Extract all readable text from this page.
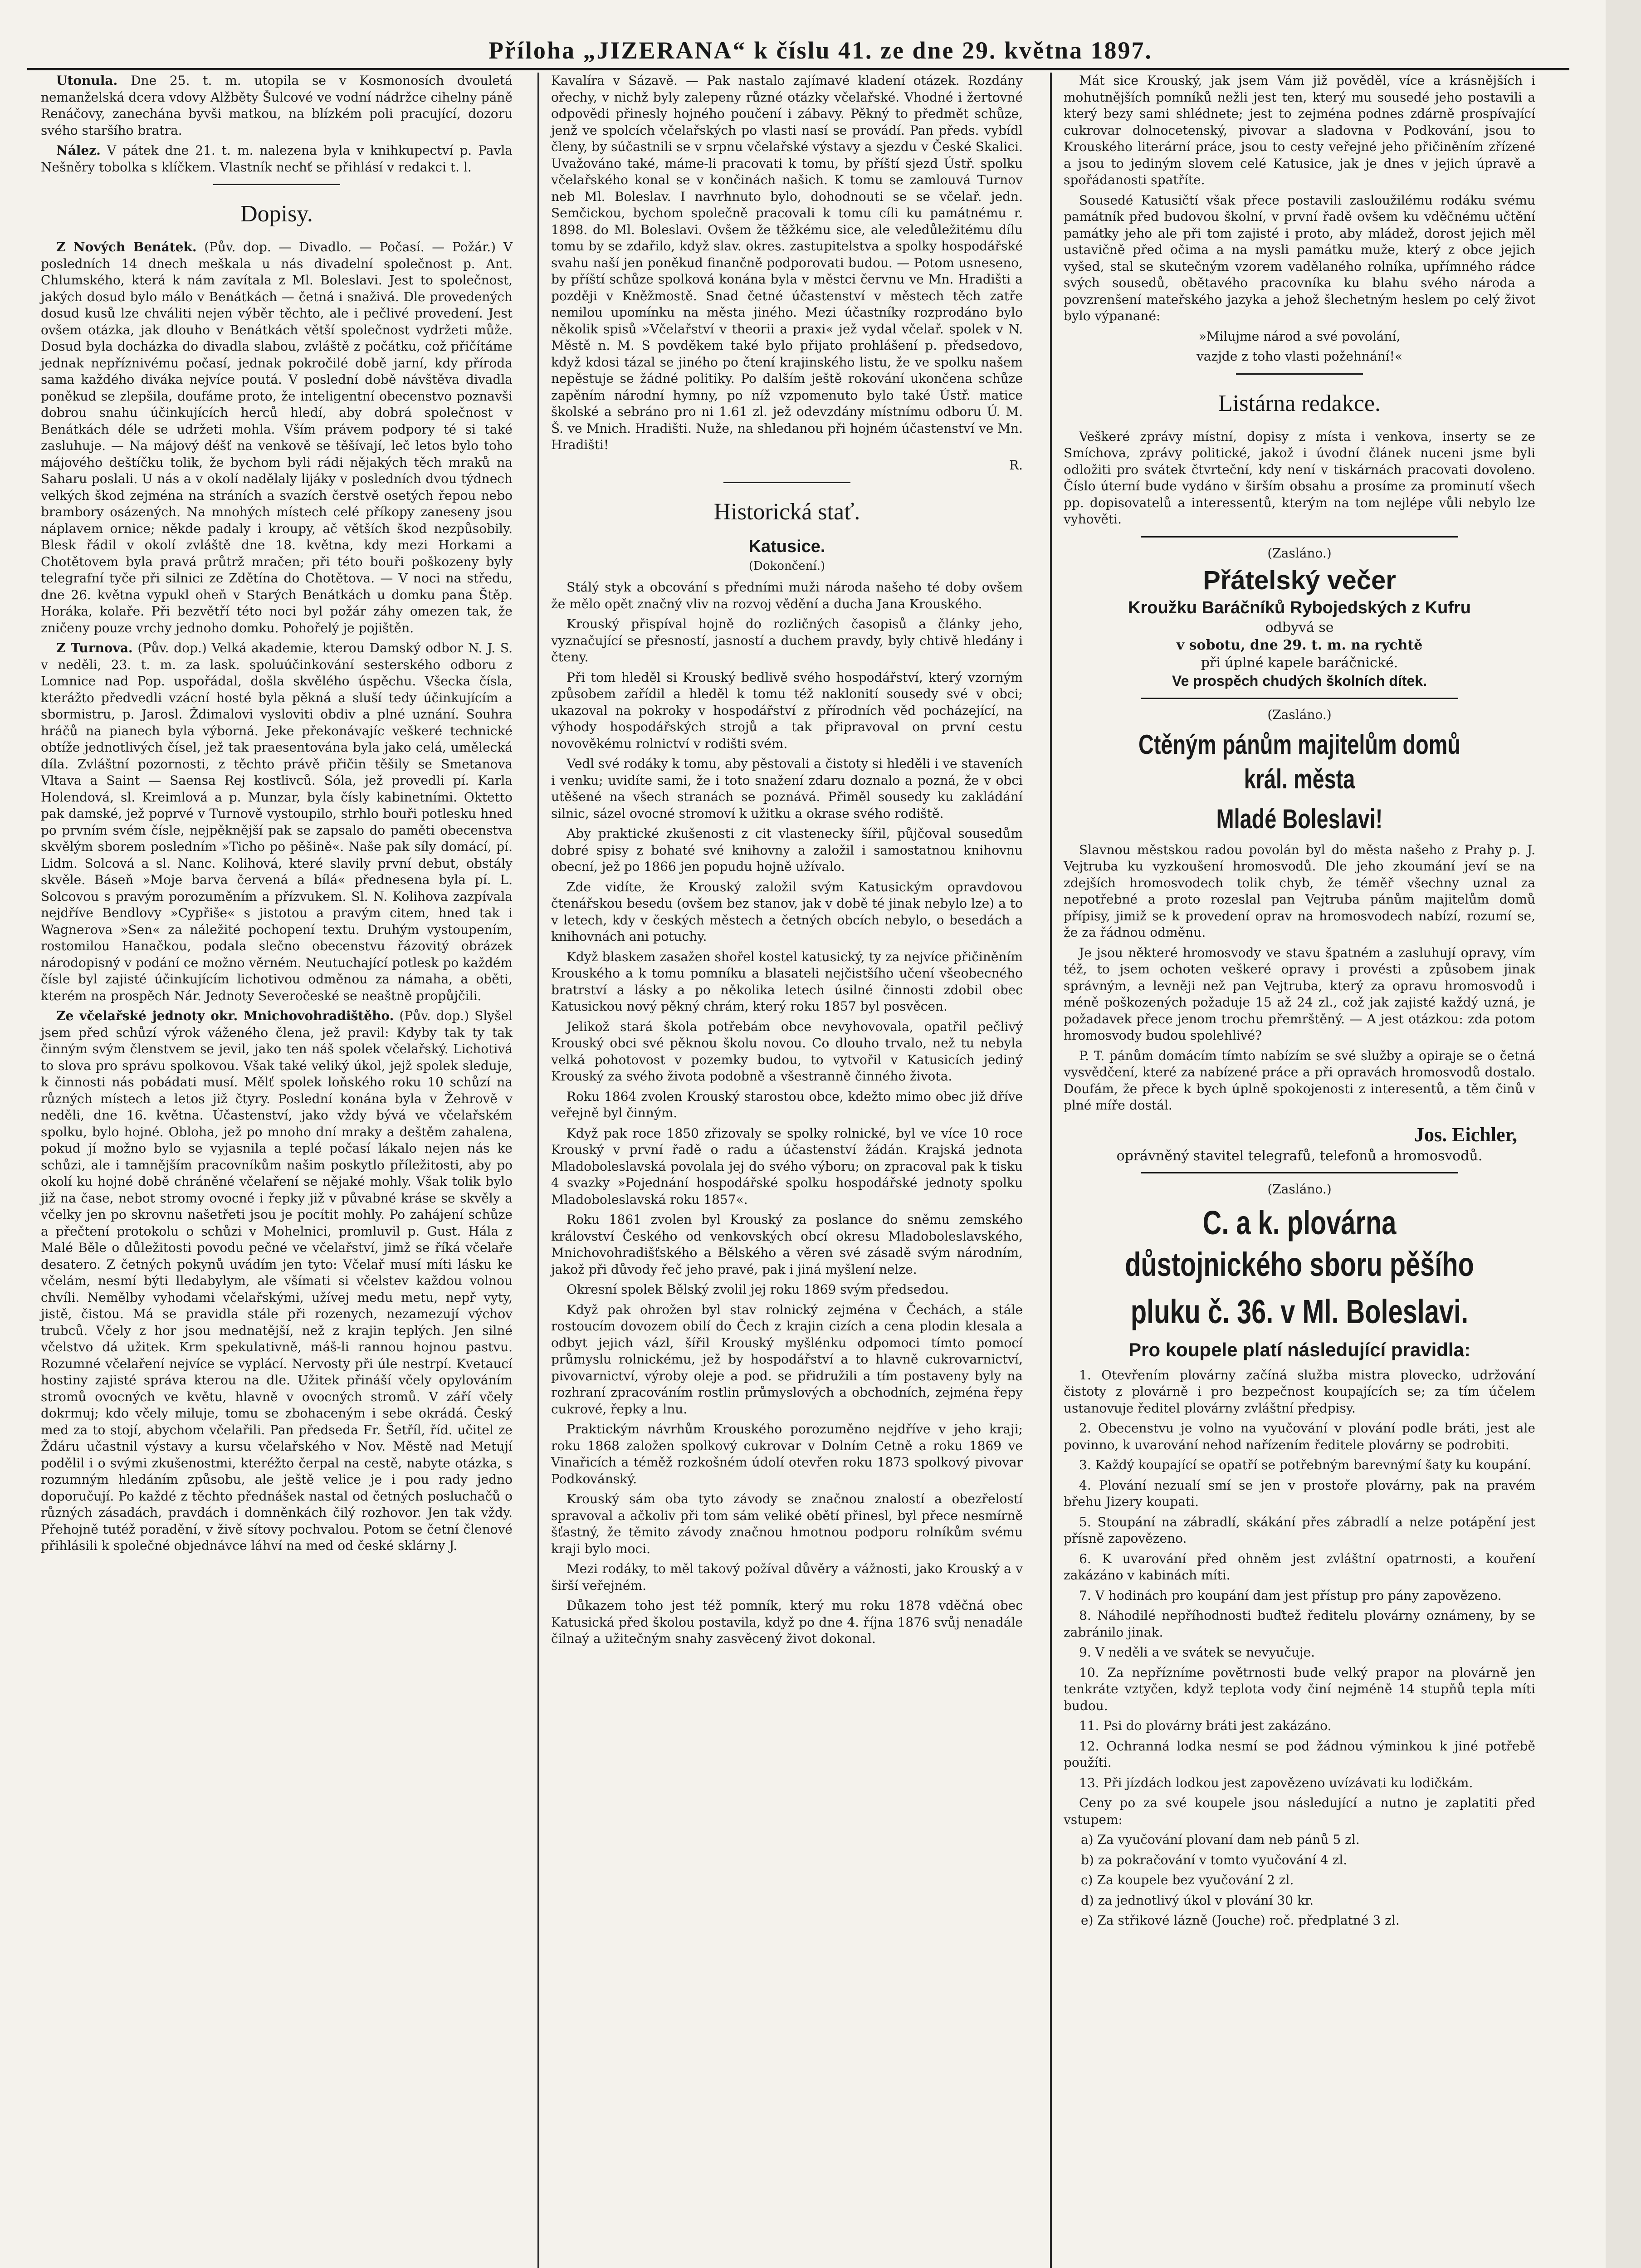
Příloha „JIZERANA“ k číslu 41. ze dne 29. května 1897.

Utonula. Dne 25. t. m. utopila se v Kosmonosích dvouletá nemanželská dcera vdovy Alžběty Šulcové ve vodní nádržce cihelny páně Renáčovy, zanechána byvši matkou, na blízkém poli pracující, dozoru svého staršího bratra.

Nález. V pátek dne 21. t. m. nalezena byla v knihkupectví p. Pavla Nešněry tobolka s klíčkem. Vlastník nechť se přihlásí v redakci t. l.

Dopisy.

Z Nových Benátek. (Pův. dop. — Divadlo. — Počasí. — Požár.) V posledních 14 dnech meškala u nás divadelní společnost p. Ant. Chlumského, která k nám zavítala z Ml. Boleslavi. Jest to společnost, jakých dosud bylo málo v Benátkách — četná i snaživá. Dle provedených dosud kusů lze chváliti nejen výběr těchto, ale i pečlivé provedení. Jest ovšem otázka, jak dlouho v Benátkách větší společnost vydržeti může. Dosud byla docházka do divadla slabou, zvláště z počátku, což přičítáme jednak nepříznivému počasí, jednak pokročilé době jarní, kdy příroda sama každého diváka nejvíce poutá. V poslední době návštěva divadla poněkud se zlepšila, doufáme proto, že inteligentní obecenstvo poznavši dobrou snahu účinkujících herců hledí, aby dobrá společnost v Benátkách déle se udržeti mohla. Vším právem podpory té si také zasluhuje. — Na májový déšť na venkově se těšívají, leč letos bylo toho májového deštíčku tolik, že bychom byli rádi nějakých těch mraků na Saharu poslali. U nás a v okolí nadělaly lijáky v posledních dvou týdnech velkých škod zejména na stráních a svazích čerstvě osetých řepou nebo brambory osázených. Na mnohých místech celé příkopy zaneseny jsou náplavem ornice; někde padaly i kroupy, ač větších škod nezpůsobily. Blesk řádil v okolí zvláště dne 18. května, kdy mezi Horkami a Chotětovem byla pravá průtrž mračen; při této bouři poškozeny byly telegrafní tyče při silnici ze Zdětína do Chotětova. — V noci na středu, dne 26. května vypukl oheň v Starých Benátkách u domku pana Štěp. Horáka, kolaře. Při bezvětří této noci byl požár záhy omezen tak, že zničeny pouze vrchy jednoho domku. Pohořelý je pojištěn.

Z Turnova. (Pův. dop.) Velká akademie, kterou Damský odbor N. J. S. v neděli, 23. t. m. za lask. spoluúčinkování sesterského odboru z Lomnice nad Pop. uspořádal, došla skvělého úspěchu. Všecka čísla, kterážto předvedli vzácní hosté byla pěkná a sluší tedy účinkujícím a sbormistru, p. Jarosl. Ždimalovi vysloviti obdiv a plné uznání. Souhra hráčů na pianech byla výborná. Jeke překonávajíc veškeré technické obtíže jednotlivých čísel, jež tak praesentována byla jako celá, umělecká díla. Zvláštní pozornosti, z těchto právě přičin těšily se Smetanova Vltava a Saint — Saensa Rej kostlivců. Sóla, jež provedli pí. Karla Holendová, sl. Kreimlová a p. Munzar, byla čísly kabinetními. Oktetto pak damské, jež poprvé v Turnově vystoupilo, strhlo bouři potlesku hned po prvním svém čísle, nejpěknější pak se zapsalo do paměti obecenstva skvělým sborem posledním »Ticho po pěšině«. Naše pak síly domácí, pí. Lidm. Solcová a sl. Nanc. Kolihová, které slavily první debut, obstály skvěle. Báseň »Moje barva červená a bílá« přednesena byla pí. L. Solcovou s pravým porozuměním a přízvukem. Sl. N. Kolihova zazpívala nejdříve Bendlovy »Cypřiše« s jistotou a pravým citem, hned tak i Wagnerova »Sen« za náležité pochopení textu. Druhým vystoupením, rostomilou Hanačkou, podala slečno obecenstvu řázovitý obrázek národopisný v podání ce možno věrném. Neutuchající potlesk po každém čísle byl zajisté účinkujícím lichotivou odměnou za námaha, a oběti, kterém na prospěch Nár. Jednoty Severočeské se neaštně propůjčili.

Ze včelařské jednoty okr. Mnichovohradištěho. (Pův. dop.) Slyšel jsem před schůzí výrok váženého člena, jež pravil: Kdyby tak ty tak činným svým členstvem se jevil, jako ten náš spolek včelařský. Lichotivá to slova pro správu spolkovou. Však také veliký úkol, jejž spolek sleduje, k činnosti nás pobádati musí. Mělť spolek loňského roku 10 schůzí na různých místech a letos již čtyry. Poslední konána byla v Žehrově v neděli, dne 16. května. Účastenství, jako vždy bývá ve včelařském spolku, bylo hojné. Obloha, jež po mnoho dní mraky a deštěm zahalena, pokud jí možno bylo se vyjasnila a teplé počasí lákalo nejen nás ke schůzi, ale i tamnějším pracovníkům našim poskytlo příležitosti, aby po okolí ku hojné době chráněné včelaření se nějaké mohly. Však tolik bylo již na čase, nebot stromy ovocné i řepky již v půvabné kráse se skvěly a včelky jen po skrovnu našetřeti jsou je pocítit mohly. Po zahájení schůze a přečtení protokolu o schůzi v Mohelnici, promluvil p. Gust. Hála z Malé Běle o důležitosti povodu pečné ve včelařství, jimž se říká včelaře desatero. Z četných pokynů uvádím jen tyto: Včelař musí míti lásku ke včelám, nesmí býti lledabylym, ale všímati si včelstev každou volnou chvíli. Nemělby vyhodami včelařskými, užívej medu metu, nepř vyty, jistě, čistou. Má se pravidla stále při rozenych, nezamezují výchov trubců. Včely z hor jsou mednatější, než z krajin teplých. Jen silné včelstvo dá užitek. Krm spekulativně, máš-li rannou hojnou pastvu. Rozumné včelaření nejvíce se vyplácí. Nervosty při úle nestrpí. Kvetaucí hostiny zajisté správa kterou na dle. Užitek přináší včely opylováním stromů ovocných ve květu, hlavně v ovocných stromů. V září včely dokrmuj; kdo včely miluje, tomu se zbohaceným i sebe okrádá. Český med za to stojí, abychom včelařili. Pan předseda Fr. Šetříl, říd. učitel ze Ždáru učastnil výstavy a kursu včelařského v Nov. Městě nad Metují podělil i o svými zkušenostmi, kteréžto čerpal na cestě, nabyte otázka, s rozumným hledáním způsobu, ale ještě velice je i pou rady jedno doporučují. Po každé z těchto přednášek nastal od četných posluchačů o různých zásadách, pravdách i domněnkách čilý rozhovor. Jen tak vždy. Přehojně tutéž poradění, v živě sítovy pochvalou. Potom se četní členové přihlásili k společné objednávce láhví na med od české sklárny J.

Kavalíra v Sázavě. — Pak nastalo zajímavé kladení otázek. Rozdány ořechy, v nichž byly zalepeny různé otázky včelařské. Vhodné i žertovné odpovědi přinesly hojného poučení i zábavy. Pěkný to předmět schůze, jenž ve spolcích včelařských po vlasti nasí se provádí. Pan předs. vybídl členy, by súčastnili se v srpnu včelařské výstavy a sjezdu v České Skalici. Uvažováno také, máme-li pracovati k tomu, by příští sjezd Ústř. spolku včelařského konal se v končinách našich. K tomu se zamlouvá Turnov neb Ml. Boleslav. I navrhnuto bylo, dohodnouti se se včelař. jedn. Semčickou, bychom společně pracovali k tomu cíli ku památnému r. 1898. do Ml. Boleslavi. Ovšem že těžkému sice, ale veledůležitému dílu tomu by se zdařilo, když slav. okres. zastupitelstva a spolky hospodářské svahu naší jen poněkud finančně podporovati budou. — Potom usneseno, by příští schůze spolková konána byla v městci červnu ve Mn. Hradišti a později v Kněžmostě. Snad četné účastenství v městech těch zatře nemilou upomínku na města jiného. Mezi účastníky rozprodáno bylo několik spisů »Včelařství v theorii a praxi« jež vydal včelař. spolek v N. Městě n. M. S povděkem také bylo přijato prohlášení p. předsedovo, když kdosi tázal se jiného po čtení krajinského listu, že ve spolku našem nepěstuje se žádné politiky. Po dalším ještě rokování ukončena schůze zapěním národní hymny, po níž vzpomenuto bylo také Ústř. matice školské a sebráno pro ni 1.61 zl. jež odevzdány místnímu odboru Ú. M. Š. ve Mnich. Hradišti. Nuže, na shledanou při hojném účastenství ve Mn. Hradišti!

R.

Historická stať.
Katusice.
(Dokončení.)

Stálý styk a obcování s předními muži národa našeho té doby ovšem že mělo opět značný vliv na rozvoj vědění a ducha Jana Krouského.

Krouský přispíval hojně do rozličných časopisů a články jeho, vyznačující se přesností, jasností a duchem pravdy, byly chtivě hledány i čteny.

Při tom hleděl si Krouský bedlivě svého hospodářství, který vzorným způsobem zařídil a hleděl k tomu též naklonití sousedy své v obci; ukazoval na pokroky v hospodářství z přírodních věd pocházející, na výhody hospodářských strojů a tak připravoval on první cestu novověkému rolnictví v rodišti svém.

Vedl své rodáky k tomu, aby pěstovali a čistoty si hleděli i ve staveních i venku; uvidíte sami, že i toto snažení zdaru doznalo a pozná, že v obci utěšené na všech stranách se poznává. Přiměl sousedy ku zakládání silnic, sázel ovocné stromoví k užitku a okrase svého rodiště.

Aby praktické zkušenosti z cit vlastenecky šířil, půjčoval sousedům dobré spisy z bohaté své knihovny a založil i samostatnou knihovnu obecní, jež po 1866 jen popudu hojně užívalo.

Zde vidíte, že Krouský založil svým Katusickým opravdovou čtenářskou besedu (ovšem bez stanov, jak v době té jinak nebylo lze) a to v letech, kdy v českých městech a četných obcích nebylo, o besedách a knihovnách ani potuchy.

Když blaskem zasažen shořel kostel katusický, ty za nejvíce přičiněním Krouského a k tomu pomníku a blasateli nejčistšího učení všeobecného bratrství a lásky a po několika letech úsilné činnosti zdobil obec Katusickou nový pěkný chrám, který roku 1857 byl posvěcen.

Jelikož stará škola potřebám obce nevyhovovala, opatřil pečlivý Krouský obci své pěknou školu novou. Co dlouho trvalo, než tu nebyla velká pohotovost v pozemky budou, to vytvořil v Katusicích jediný Krouský za svého života podobně a všestranně činného života.

Roku 1864 zvolen Krouský starostou obce, kdežto mimo obec již dříve veřejně byl činným.

Když pak roce 1850 zřizovaly se spolky rolnické, byl ve více 10 roce Krouský v první řadě o radu a účastenství žádán. Krajská jednota Mladoboleslavská povolala jej do svého výboru; on zpracoval pak k tisku 4 svazky »Pojednání hospodářské spolku hospodářské jednoty spolku Mladoboleslavská roku 1857«.

Roku 1861 zvolen byl Krouský za poslance do sněmu zemského království Českého od venkovských obcí okresu Mladoboleslavského, Mnichovohradišťského a Bělského a věren své zásadě svým národním, jakož při důvody řeč jeho pravé, pak i jiná myšlení nelze.

Okresní spolek Bělský zvolil jej roku 1869 svým předsedou.

Když pak ohrožen byl stav rolnický zejména v Čechách, a stále rostoucím dovozem obilí do Čech z krajin cizích a cena plodin klesala a odbyt jejich vázl, šířil Krouský myšlénku odpomoci tímto pomocí průmyslu rolnickému, jež by hospodářství a to hlavně cukrovarnictví, pivovarnictví, výroby oleje a pod. se přidružili a tím postaveny byly na rozhraní zpracováním rostlin průmyslových a obchodních, zejména řepy cukrové, řepky a lnu.

Praktickým návrhům Krouského porozuměno nejdříve v jeho kraji; roku 1868 založen spolkový cukrovar v Dolním Cetně a roku 1869 ve Vinařicích a téměž rozkošném údolí otevřen roku 1873 spolkový pivovar Podkovánský.

Krouský sám oba tyto závody se značnou znalostí a obezřelostí spravoval a ačkoliv při tom sám veliké obětí přinesl, byl přece nesmírně šťastný, že těmito závody značnou hmotnou podporu rolníkům svému kraji bylo moci.

Mezi rodáky, to měl takový požíval důvěry a vážnosti, jako Krouský a v širší veřejném.

Důkazem toho jest též pomník, který mu roku 1878 vděčná obec Katusická před školou postavila, když po dne 4. října 1876 svůj nenadále čilnaý a užitečným snahy zasvěcený život dokonal.

Mát sice Krouský, jak jsem Vám již pověděl, více a krásnějších i mohutnějších pomníků nežli jest ten, který mu sousedé jeho postavili a který bezy sami shlédnete; jest to zejména podnes zdárně prospívající cukrovar dolnocetenský, pivovar a sladovna v Podkování, jsou to Krouského literární práce, jsou to cesty veřejné jeho přičiněním zřízené a jsou to jediným slovem celé Katusice, jak je dnes v jejich úpravě a spořádanosti spatříte.

Sousedé Katusičtí však přece postavili zasloužilému rodáku svému památník před budovou školní, v první řadě ovšem ku vděčnému učtění památky jeho ale při tom zajisté i proto, aby mládež, dorost jejich měl ustavičně před očima a na mysli památku muže, který z obce jejich vyšed, stal se skutečným vzorem vadělaného rolníka, upřímného rádce svých sousedů, obětavého pracovníka ku blahu svého národa a povzrenšení mateřského jazyka a jehož šlechetným heslem po celý život bylo výpanané:

»Milujme národ a své povolání,

vazjde z toho vlasti požehnání!«

Listárna redakce.

Veškeré zprávy místní, dopisy z místa i venkova, inserty se ze Smíchova, zprávy politické, jakož i úvodní článek nuceni jsme byli odložiti pro svátek čtvrteční, kdy není v tiskárnách pracovati dovoleno. Číslo úterní bude vydáno v širším obsahu a prosíme za prominutí všech pp. dopisovatelů a interessentů, kterým na tom nejlépe vůli nebylo lze vyhověti.

(Zasláno.)
Přátelský večer
Kroužku Baráčníků Rybojedských z Kufru
odbyvá se
v sobotu, dne 29. t. m. na rychtě
při úplné kapele baráčnické.
Ve prospěch chudých školních dítek.
(Zasláno.)
Ctěným pánům majitelům domů král. města
Mladé Boleslavi!

Slavnou městskou radou povolán byl do města našeho z Prahy p. J. Vejtruba ku vyzkoušení hromosvodů. Dle jeho zkoumání jeví se na zdejších hromosvodech tolik chyb, že téměř všechny uznal za nepotřebné a proto rozeslal pan Vejtruba pánům majitelům domů přípisy, jimiž se k provedení oprav na hromosvodech nabízí, rozumí se, že za řádnou odměnu.

Je jsou některé hromosvody ve stavu špatném a zasluhují opravy, vím též, to jsem ochoten veškeré opravy i provésti a způsobem jinak správným, a levněji než pan Vejtruba, který za opravu hromosvodů i méně poškozených požaduje 15 až 24 zl., což jak zajisté každý uzná, je požadavek přece jenom trochu přemrštěný. — A jest otázkou: zda potom hromosvody budou spolehlivé?

P. T. pánům domácím tímto nabízím se své služby a opiraje se o četná vysvědčení, které za nabízené práce a při opravách hromosvodů dostalo. Doufám, že přece k bych úplně spokojenosti z interesentů, a těm činů v plné míře dostál.

Jos. Eichler,
oprávněný stavitel telegrafů, telefonů a hromosvodů.
(Zasláno.)
C. a k. plovárna důstojnického sboru pěšího
pluku č. 36. v Ml. Boleslavi.
Pro koupele platí následující pravidla:

1. Otevřením plovárny začíná služba mistra plovecko, udržování čistoty z plovárně i pro bezpečnost koupajících se; za tím účelem ustanovuje ředitel plovárny zvláštní předpisy.

2. Obecenstvu je volno na vyučování v plování podle bráti, jest ale povinno, k uvarování nehod nařízením ředitele plovárny se podrobiti.

3. Každý koupající se opatří se potřebným barevnýmí šaty ku koupání.

4. Plování nezualí smí se jen v prostoře plovárny, pak na pravém břehu Jizery koupati.

5. Stoupání na zábradlí, skákání přes zábradlí a nelze potápění jest přísně zapovězeno.

6. K uvarování před ohněm jest zvláštní opatrnosti, a kouření zakázáno v kabinách míti.

7. V hodinách pro koupání dam jest přístup pro pány zapovězeno.

8. Náhodilé nepříhodnosti buďtež ředitelu plovárny oznámeny, by se zabránilo jinak.

9. V neděli a ve svátek se nevyučuje.

10. Za nepřízníme povětrnosti bude velký prapor na plovárně jen tenkráte vztyčen, když teplota vody činí nejméně 14 stupňů tepla míti budou.

11. Psi do plovárny bráti jest zakázáno.

12. Ochranná lodka nesmí se pod žádnou výminkou k jiné potřebě použíti.

13. Při jízdách lodkou jest zapovězeno uvízávati ku lodičkám.

Ceny po za své koupele jsou následující a nutno je zaplatiti před vstupem:

a) Za vyučování plovaní dam neb pánů 5 zl.

b) za pokračování v tomto vyučování 4 zl.

c) Za koupele bez vyučování 2 zl.

d) za jednotlivý úkol v plování 30 kr.

e) Za střikové lázně (Jouche) roč. předplatné 3 zl.
